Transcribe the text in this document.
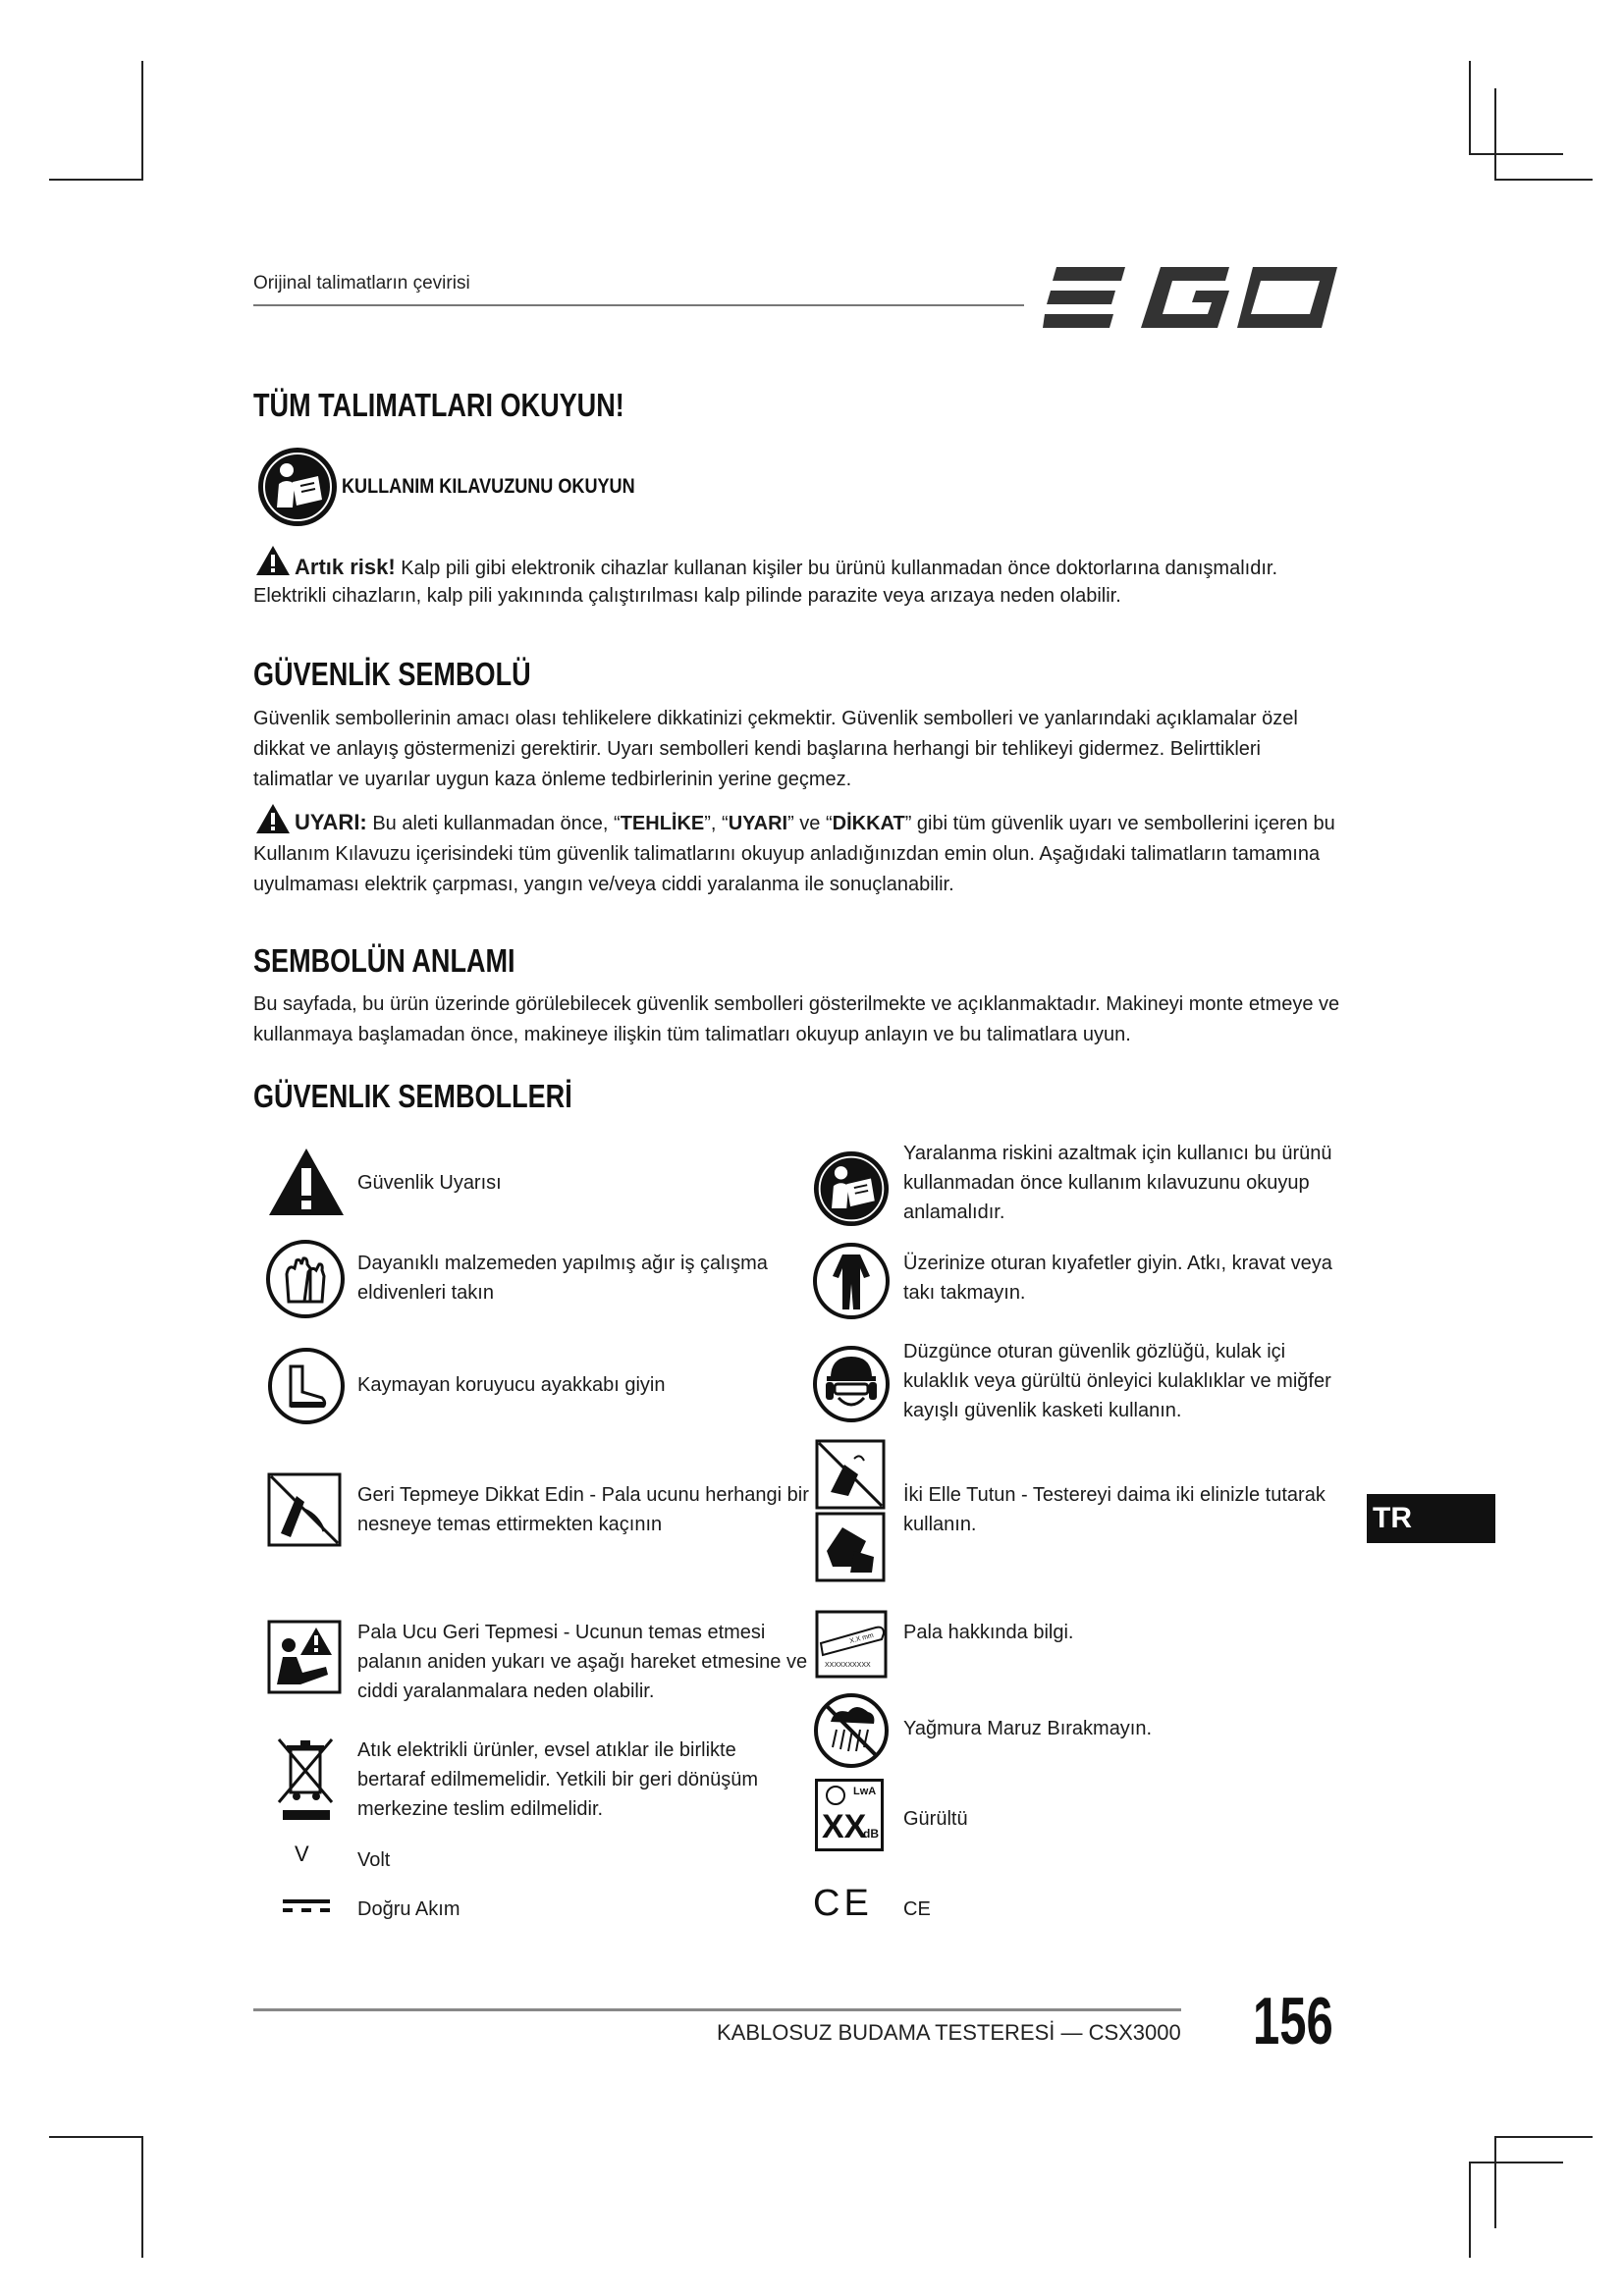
Orijinal talimatların çevirisi
TÜM TALIMATLARI OKUYUN!
KULLANIM KILAVUZUNU OKUYUN
Artık risk! Kalp pili gibi elektronik cihazlar kullanan kişiler bu ürünü kullanmadan önce doktorlarına danışmalıdır.
Elektrikli cihazların, kalp pili yakınında çalıştırılması kalp pilinde parazite veya arızaya neden olabilir.
GÜVENLİK SEMBOLÜ
Güvenlik sembollerinin amacı olası tehlikelere dikkatinizi çekmektir. Güvenlik sembolleri ve yanlarındaki açıklamalar özel dikkat ve anlayış göstermenizi gerektirir. Uyarı sembolleri kendi başlarına herhangi bir tehlikeyi gidermez. Belirttikleri talimatlar ve uyarılar uygun kaza önleme tedbirlerinin yerine geçmez.
UYARI: Bu aleti kullanmadan önce, “TEHLİKE”, “UYARI” ve “DİKKAT” gibi tüm güvenlik uyarı ve sembollerini içeren bu Kullanım Kılavuzu içerisindeki tüm güvenlik talimatlarını okuyup anladığınızdan emin olun. Aşağıdaki talimatların tamamına uyulmaması elektrik çarpması, yangın ve/veya ciddi yaralanma ile sonuçlanabilir.
SEMBOLÜN ANLAMI
Bu sayfada, bu ürün üzerinde görülebilecek güvenlik sembolleri gösterilmekte ve açıklanmaktadır. Makineyi monte etmeye ve kullanmaya başlamadan önce, makineye ilişkin tüm talimatları okuyup anlayın ve bu talimatlara uyun.
GÜVENLIK SEMBOLLERİ
Güvenlik Uyarısı
Dayanıklı malzemeden yapılmış ağır iş çalışma eldivenleri takın
Kaymayan koruyucu ayakkabı giyin
Geri Tepmeye Dikkat Edin - Pala ucunu herhangi bir nesneye temas ettirmekten kaçının
Pala Ucu Geri Tepmesi - Ucunun temas etmesi palanın aniden yukarı ve aşağı hareket etmesine ve ciddi yaralanmalara neden olabilir.
Atık elektrikli ürünler, evsel atıklar ile birlikte bertaraf edilmemelidir. Yetkili bir geri dönüşüm merkezine teslim edilmelidir.
V Volt
Doğru Akım
Yaralanma riskini azaltmak için kullanıcı bu ürünü kullanmadan önce kullanım kılavuzunu okuyup anlamalıdır.
Üzerinize oturan kıyafetler giyin. Atkı, kravat veya takı takmayın.
Düzgünce oturan güvenlik gözlüğü, kulak içi kulaklık veya gürültü önleyici kulaklıklar ve miğfer kayışlı güvenlik kasketi kullanın.
İki Elle Tutun - Testereyi daima iki elinizle tutarak kullanın.
X.X mm
XXXXXXXXXX
Pala hakkında bilgi.
Yağmura Maruz Bırakmayın.
LwA
XX
dB
Gürültü
CE CE
TR
KABLOSUZ BUDAMA TESTERESİ — CSX3000 156
